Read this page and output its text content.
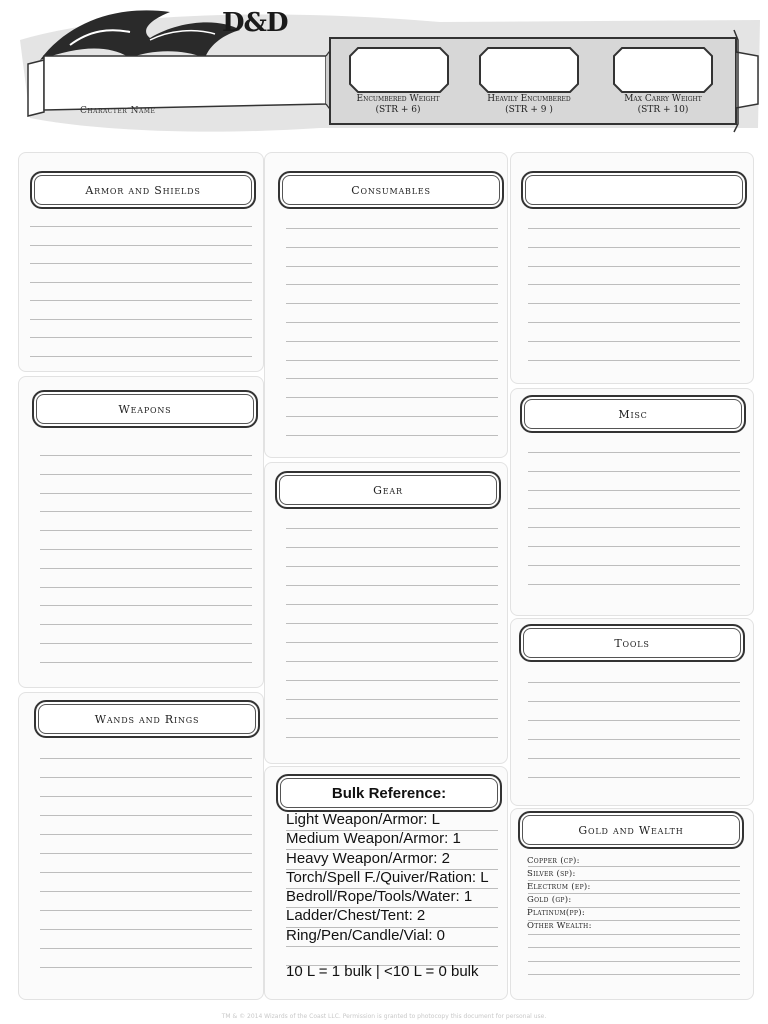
D&D
Character Name
Encumbered Weight
(STR + 6)
Heavily Encumbered
(STR + 9 )
Max Carry Weight
(STR + 10)
Armor and Shields
Weapons
Wands and Rings
Consumables
Gear
Bulk Reference:
Light Weapon/Armor: L
Medium Weapon/Armor: 1
Heavy Weapon/Armor: 2
Torch/Spell F./Quiver/Ration: L
Bedroll/Rope/Tools/Water: 1
Ladder/Chest/Tent: 2
Ring/Pen/Candle/Vial: 0
10 L = 1 bulk | <10 L = 0 bulk
Misc
Tools
Gold and Wealth
Copper (cp):
Silver (sp):
Electrum (ep):
Gold (gp):
Platinum(pp):
Other Wealth:
TM & © 2014 Wizards of the Coast LLC. Permission is granted to photocopy this document for personal use.
